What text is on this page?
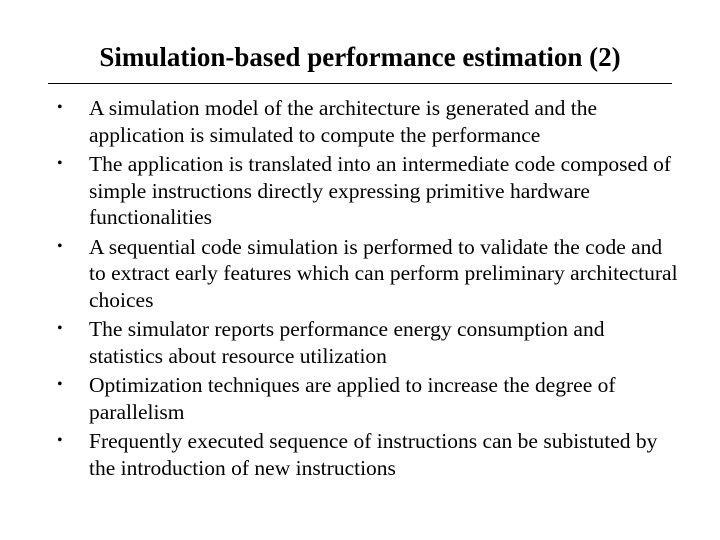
Simulation-based performance estimation (2)
• A simulation model of the architecture is generated and the application is simulated to compute the performance
• The application is translated into an intermediate code composed of simple instructions directly expressing primitive hardware functionalities
• A sequential code simulation is performed to validate the code and to extract early features which can perform preliminary architectural choices
• The simulator reports performance energy consumption and statistics about resource utilization
• Optimization techniques are applied to increase the degree of parallelism
• Frequently executed sequence of instructions can be subistuted by the introduction of new instructions
